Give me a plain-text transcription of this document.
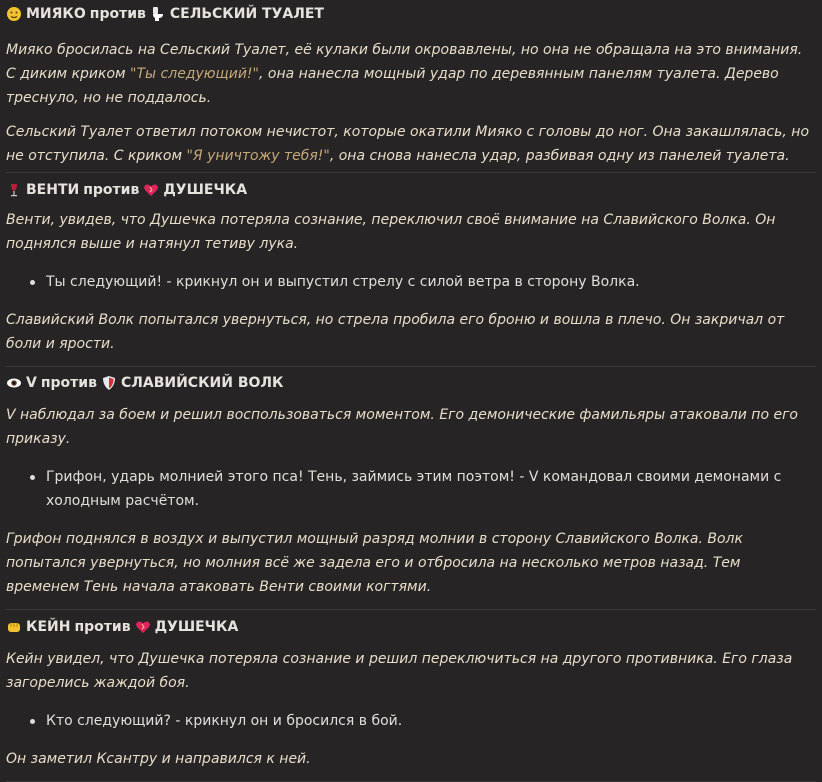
МИЯКО против СЕЛЬСКИЙ ТУАЛЕТ

Мияко бросилась на Сельский Туалет, её кулаки были окровавлены, но она не обращала на это внимания. С диким криком "Ты следующий!", она нанесла мощный удар по деревянным панелям туалета. Дерево треснуло, но не поддалось.

Сельский Туалет ответил потоком нечистот, которые окатили Мияко с головы до ног. Она закашлялась, но не отступила. С криком "Я уничтожу тебя!", она снова нанесла удар, разбивая одну из панелей туалета.

ВЕНТИ против ДУШЕЧКА

Венти, увидев, что Душечка потеряла сознание, переключил своё внимание на Славийского Волка. Он поднялся выше и натянул тетиву лука.

Ты следующий! - крикнул он и выпустил стрелу с силой ветра в сторону Волка.

Славийский Волк попытался увернуться, но стрела пробила его броню и вошла в плечо. Он закричал от боли и ярости.

V против СЛАВИЙСКИЙ ВОЛК

V наблюдал за боем и решил воспользоваться моментом. Его демонические фамильяры атаковали по его приказу.

Грифон, ударь молнией этого пса! Тень, займись этим поэтом! - V командовал своими демонами с холодным расчётом.

Грифон поднялся в воздух и выпустил мощный разряд молнии в сторону Славийского Волка. Волк попытался увернуться, но молния всё же задела его и отбросила на несколько метров назад. Тем временем Тень начала атаковать Венти своими когтями.

КЕЙН против ДУШЕЧКА

Кейн увидел, что Душечка потеряла сознание и решил переключиться на другого противника. Его глаза загорелись жаждой боя.

Кто следующий? - крикнул он и бросился в бой.

Он заметил Ксантру и направился к ней.
